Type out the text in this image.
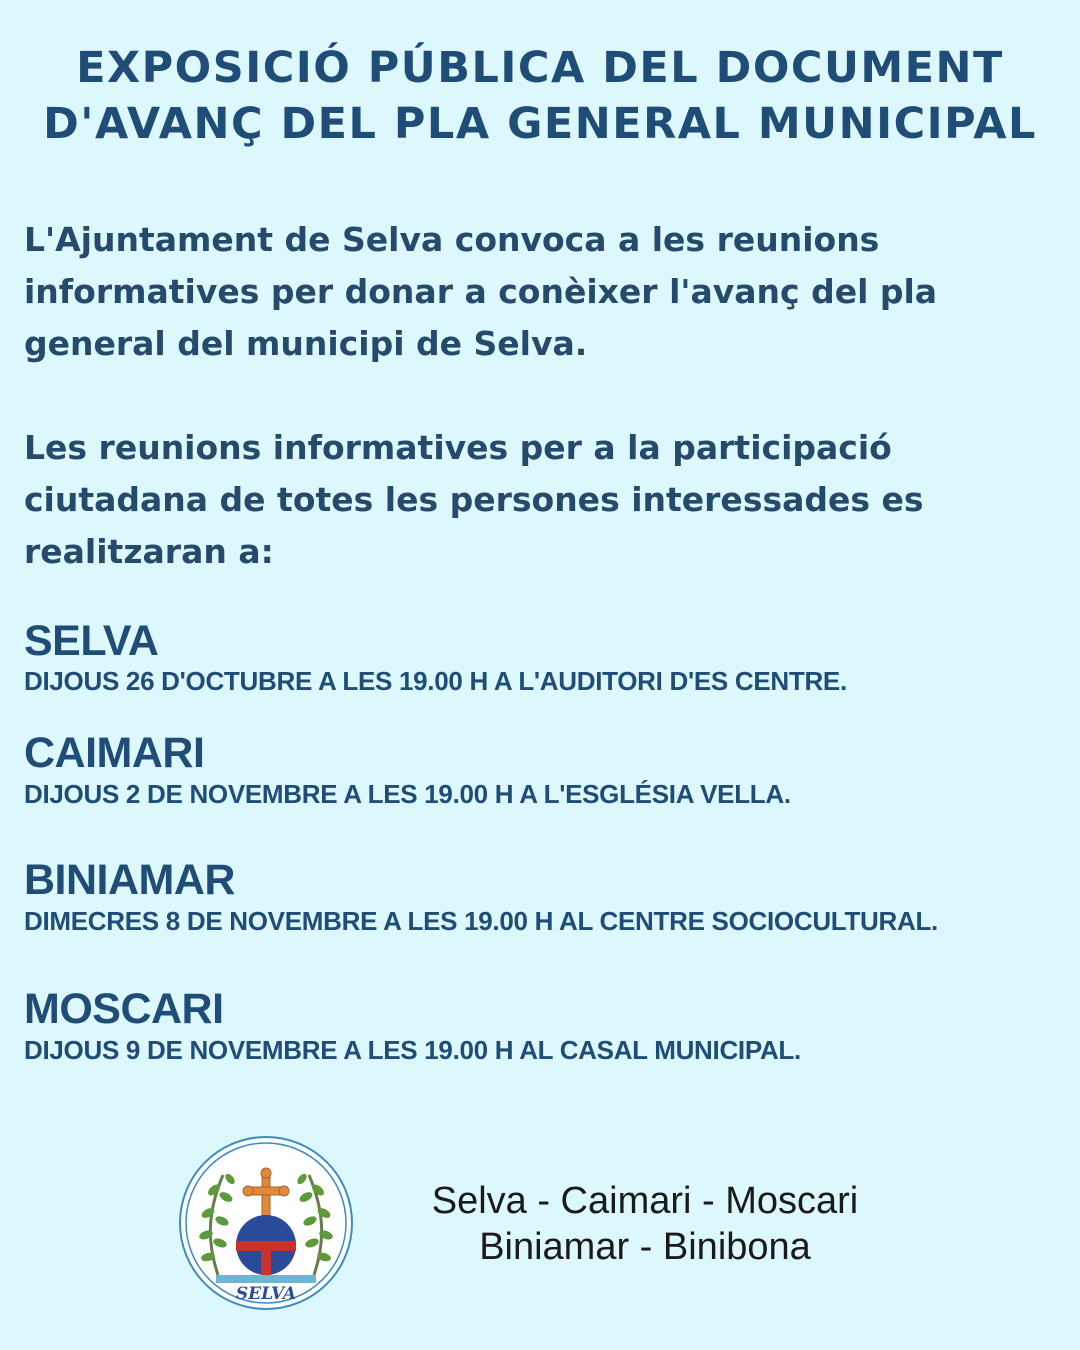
EXPOSICIÓ PÚBLICA DEL DOCUMENT
D'AVANÇ DEL PLA GENERAL MUNICIPAL
L'Ajuntament de Selva convoca a les reunions
informatives per donar a conèixer l'avanç del pla
general del municipi de Selva.
Les reunions informatives per a la participació
ciutadana de totes les persones interessades es
realitzaran a:
SELVA
DIJOUS 26 D'OCTUBRE A LES 19.00 H A L'AUDITORI D'ES CENTRE.
CAIMARI
DIJOUS 2 DE NOVEMBRE A LES 19.00 H A L'ESGLÉSIA VELLA.
BINIAMAR
DIMECRES 8 DE NOVEMBRE A LES 19.00 H AL CENTRE SOCIOCULTURAL.
MOSCARI
DIJOUS 9 DE NOVEMBRE A LES 19.00 H AL CASAL MUNICIPAL.
SELVA
Selva - Caimari - Moscari
Biniamar - Binibona
